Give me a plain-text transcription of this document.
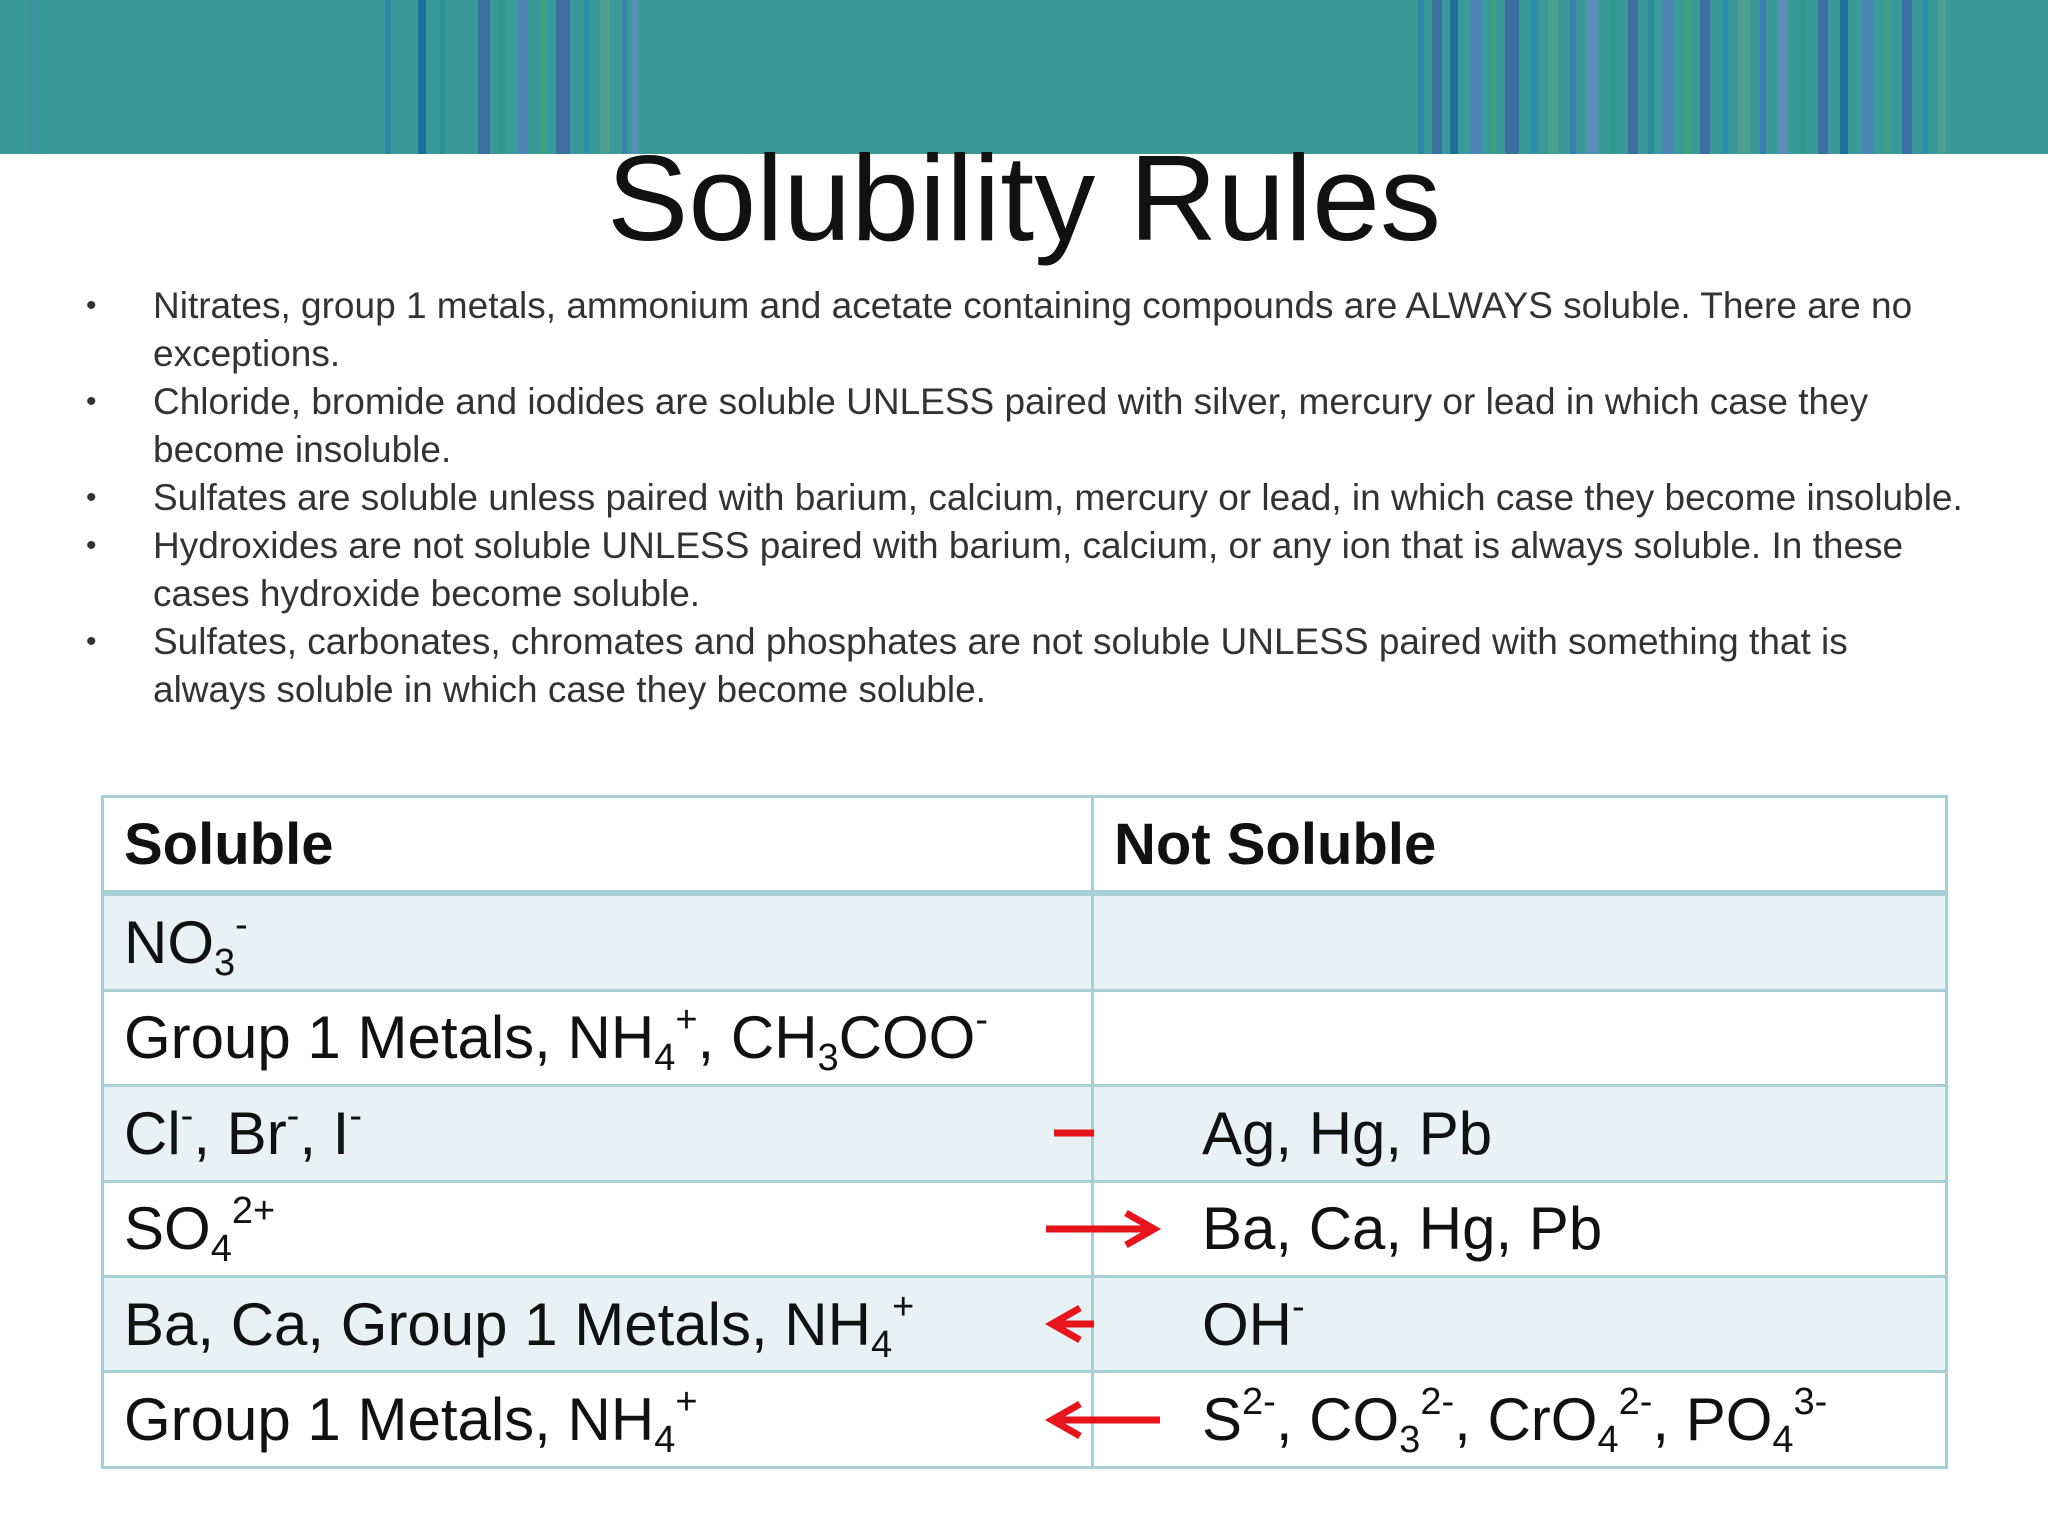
Solubility Rules
• Nitrates, group 1 metals, ammonium and acetate containing compounds are ALWAYS soluble. There are no exceptions.
• Chloride, bromide and iodides are soluble UNLESS paired with silver, mercury or lead in which case they become insoluble.
• Sulfates are soluble unless paired with barium, calcium, mercury or lead, in which case they become insoluble.
• Hydroxides are not soluble UNLESS paired with barium, calcium, or any ion that is always soluble. In these cases hydroxide become soluble.
• Sulfates, carbonates, chromates and phosphates are not soluble UNLESS paired with something that is always soluble in which case they become soluble.
Soluble	Not Soluble
$NO_3^-$	
Group 1 Metals, $NH_4^+$, $CH_3COO^-$	
Cl-, Br-, I-	Ag, Hg, Pb
$SO_4^{2+}$	Ba, Ca, Hg, Pb
Ba, Ca, Group 1 Metals, $NH_4^+$	OH-
Group 1 Metals, $NH_4^+$	$S^{2-}$, $CO_3^{2-}$, CrO$_4^{2-}$, $PO_4^{3-}$
